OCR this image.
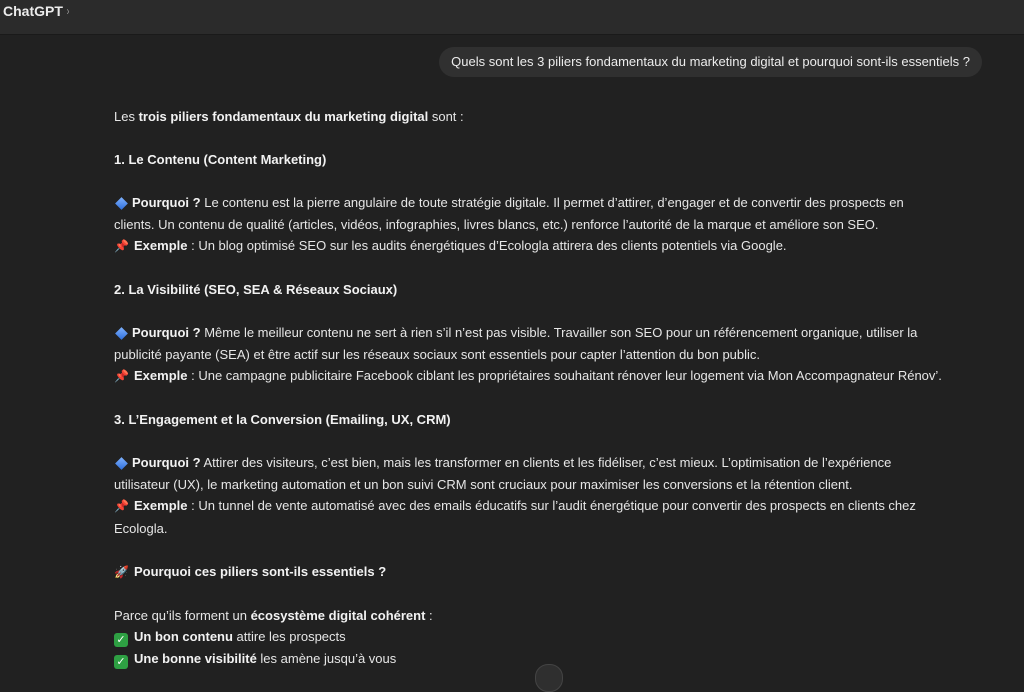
ChatGPT ›
Quels sont les 3 piliers fondamentaux du marketing digital et pourquoi sont-ils essentiels ?

Les trois piliers fondamentaux du marketing digital sont :

1. Le Contenu (Content Marketing)

Pourquoi ? Le contenu est la pierre angulaire de toute stratégie digitale. Il permet d’attirer, d’engager et de convertir des prospects en
clients. Un contenu de qualité (articles, vidéos, infographies, livres blancs, etc.) renforce l’autorité de la marque et améliore son SEO.

📌 Exemple : Un blog optimisé SEO sur les audits énergétiques d’Ecologla attirera des clients potentiels via Google.

2. La Visibilité (SEO, SEA & Réseaux Sociaux)

Pourquoi ? Même le meilleur contenu ne sert à rien s’il n’est pas visible. Travailler son SEO pour un référencement organique, utiliser la
publicité payante (SEA) et être actif sur les réseaux sociaux sont essentiels pour capter l’attention du bon public.

📌 Exemple : Une campagne publicitaire Facebook ciblant les propriétaires souhaitant rénover leur logement via Mon Accompagnateur Rénov’.

3. L’Engagement et la Conversion (Emailing, UX, CRM)

Pourquoi ? Attirer des visiteurs, c’est bien, mais les transformer en clients et les fidéliser, c’est mieux. L’optimisation de l’expérience
utilisateur (UX), le marketing automation et un bon suivi CRM sont cruciaux pour maximiser les conversions et la rétention client.

📌 Exemple : Un tunnel de vente automatisé avec des emails éducatifs sur l’audit énergétique pour convertir des prospects en clients chez
Ecologla.

🚀 Pourquoi ces piliers sont-ils essentiels ?

Parce qu’ils forment un écosystème digital cohérent :

✓ Un bon contenu attire les prospects

✓ Une bonne visibilité les amène jusqu’à vous
